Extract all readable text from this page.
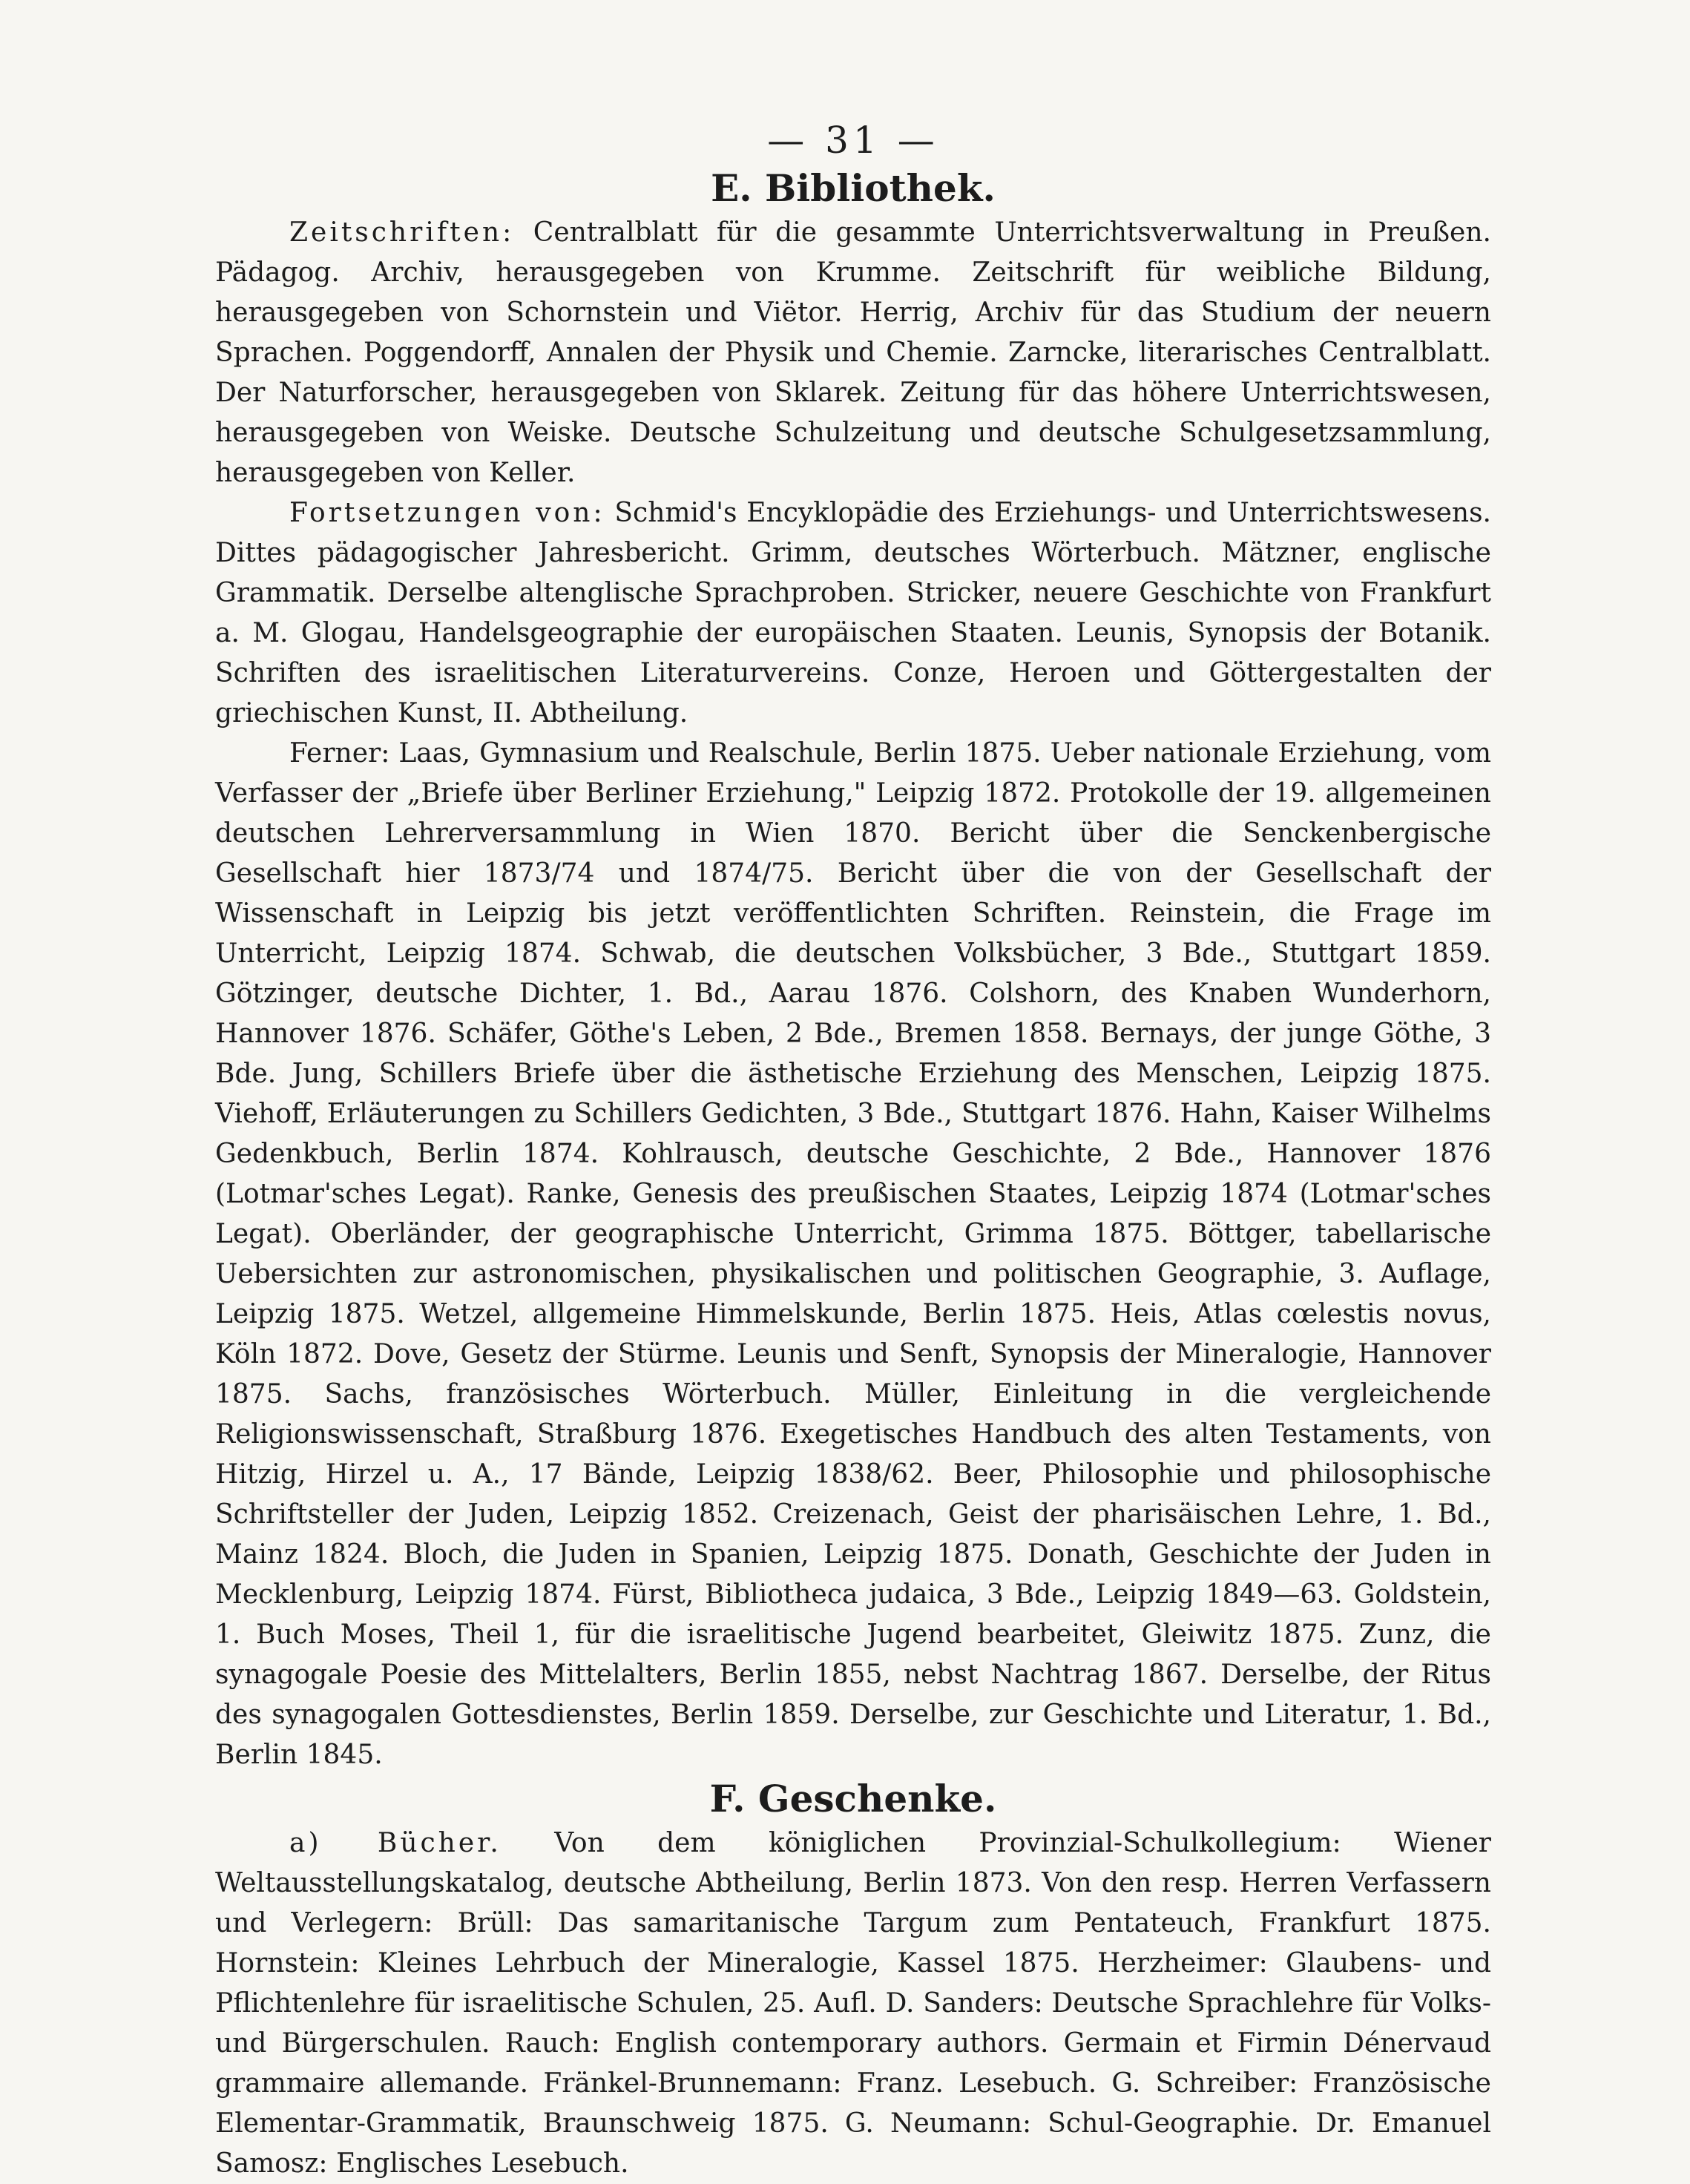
— 31 —
E. Bibliothek.

Zeitschriften: Centralblatt für die gesammte Unterrichtsverwaltung in Preußen. Pädagog. Archiv, herausgegeben von Krumme. Zeitschrift für weibliche Bildung, herausgegeben von Schornstein und Viëtor. Herrig, Archiv für das Studium der neuern Sprachen. Poggendorff, Annalen der Physik und Chemie. Zarncke, literarisches Centralblatt. Der Naturforscher, herausgegeben von Sklarek. Zeitung für das höhere Unterrichtswesen, herausgegeben von Weiske. Deutsche Schulzeitung und deutsche Schulgesetzsammlung, herausgegeben von Keller.

Fortsetzungen von: Schmid's Encyklopädie des Erziehungs- und Unterrichtswesens. Dittes pädagogischer Jahresbericht. Grimm, deutsches Wörterbuch. Mätzner, englische Grammatik. Derselbe altenglische Sprachproben. Stricker, neuere Geschichte von Frankfurt a. M. Glogau, Handelsgeographie der europäischen Staaten. Leunis, Synopsis der Botanik. Schriften des israelitischen Literaturvereins. Conze, Heroen und Göttergestalten der griechischen Kunst, II. Abtheilung.

Ferner: Laas, Gymnasium und Realschule, Berlin 1875. Ueber nationale Erziehung, vom Verfasser der „Briefe über Berliner Erziehung," Leipzig 1872. Protokolle der 19. allgemeinen deutschen Lehrerversammlung in Wien 1870. Bericht über die Senckenbergische Gesellschaft hier 1873/74 und 1874/75. Bericht über die von der Gesellschaft der Wissenschaft in Leipzig bis jetzt veröffentlichten Schriften. Reinstein, die Frage im Unterricht, Leipzig 1874. Schwab, die deutschen Volksbücher, 3 Bde., Stuttgart 1859. Götzinger, deutsche Dichter, 1. Bd., Aarau 1876. Colshorn, des Knaben Wunderhorn, Hannover 1876. Schäfer, Göthe's Leben, 2 Bde., Bremen 1858. Bernays, der junge Göthe, 3 Bde. Jung, Schillers Briefe über die ästhetische Erziehung des Menschen, Leipzig 1875. Viehoff, Erläuterungen zu Schillers Gedichten, 3 Bde., Stuttgart 1876. Hahn, Kaiser Wilhelms Gedenkbuch, Berlin 1874. Kohlrausch, deutsche Geschichte, 2 Bde., Hannover 1876 (Lotmar'sches Legat). Ranke, Genesis des preußischen Staates, Leipzig 1874 (Lotmar'sches Legat). Oberländer, der geographische Unterricht, Grimma 1875. Böttger, tabellarische Uebersichten zur astronomischen, physikalischen und politischen Geographie, 3. Auflage, Leipzig 1875. Wetzel, allgemeine Himmelskunde, Berlin 1875. Heis, Atlas cœlestis novus, Köln 1872. Dove, Gesetz der Stürme. Leunis und Senft, Synopsis der Mineralogie, Hannover 1875. Sachs, französisches Wörterbuch. Müller, Einleitung in die vergleichende Religionswissenschaft, Straßburg 1876. Exegetisches Handbuch des alten Testaments, von Hitzig, Hirzel u. A., 17 Bände, Leipzig 1838/62. Beer, Philosophie und philosophische Schriftsteller der Juden, Leipzig 1852. Creizenach, Geist der pharisäischen Lehre, 1. Bd., Mainz 1824. Bloch, die Juden in Spanien, Leipzig 1875. Donath, Geschichte der Juden in Mecklenburg, Leipzig 1874. Fürst, Bibliotheca judaica, 3 Bde., Leipzig 1849—63. Goldstein, 1. Buch Moses, Theil 1, für die israelitische Jugend bearbeitet, Gleiwitz 1875. Zunz, die synagogale Poesie des Mittelalters, Berlin 1855, nebst Nachtrag 1867. Derselbe, der Ritus des synagogalen Gottesdienstes, Berlin 1859. Derselbe, zur Geschichte und Literatur, 1. Bd., Berlin 1845.

F. Geschenke.

a) Bücher. Von dem königlichen Provinzial-Schulkollegium: Wiener Weltausstellungskatalog, deutsche Abtheilung, Berlin 1873. Von den resp. Herren Verfassern und Verlegern: Brüll: Das samaritanische Targum zum Pentateuch, Frankfurt 1875. Hornstein: Kleines Lehrbuch der Mineralogie, Kassel 1875. Herzheimer: Glaubens- und Pflichtenlehre für israelitische Schulen, 25. Aufl. D. Sanders: Deutsche Sprachlehre für Volks- und Bürgerschulen. Rauch: English contemporary authors. Germain et Firmin Dénervaud grammaire allemande. Fränkel-Brunnemann: Franz. Lesebuch. G. Schreiber: Französische Elementar-Grammatik, Braunschweig 1875. G. Neumann: Schul-Geographie. Dr. Emanuel Samosz: Englisches Lesebuch.
